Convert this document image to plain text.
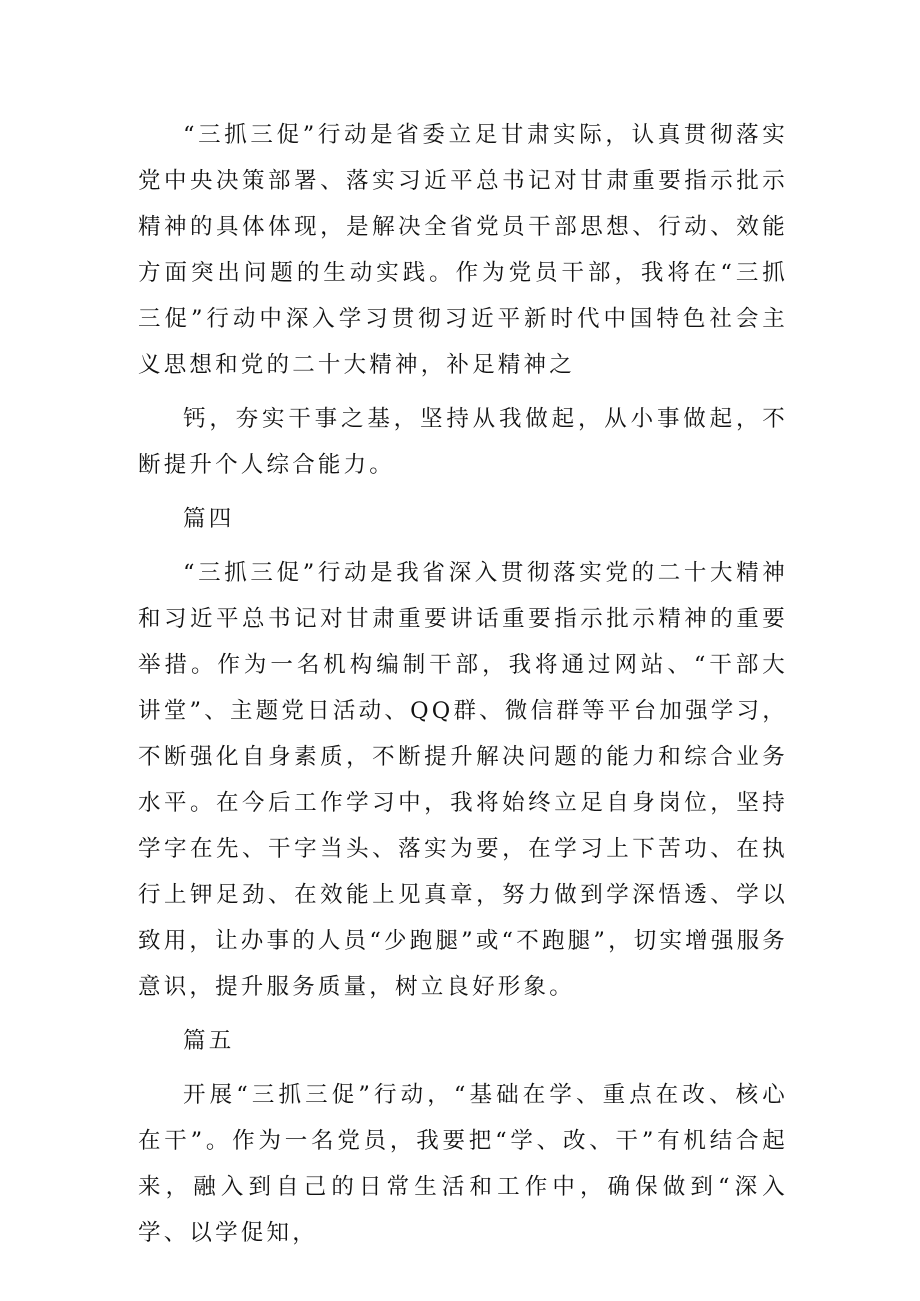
“三抓三促”行动是省委立足甘肃实际，认真贯彻落实党中央决策部署、落实习近平总书记对甘肃重要指示批示精神的具体体现，是解决全省党员干部思想、行动、效能方面突出问题的生动实践。作为党员干部，我将在“三抓三促”行动中深入学习贯彻习近平新时代中国特色社会主义思想和党的二十大精神，补足精神之

钙，夯实干事之基，坚持从我做起，从小事做起，不断提升个人综合能力。

篇四

“三抓三促”行动是我省深入贯彻落实党的二十大精神和习近平总书记对甘肃重要讲话重要指示批示精神的重要举措。作为一名机构编制干部，我将通过网站、“干部大讲堂”、主题党日活动、QQ群、微信群等平台加强学习，不断强化自身素质，不断提升解决问题的能力和综合业务水平。在今后工作学习中，我将始终立足自身岗位，坚持学字在先、干字当头、落实为要，在学习上下苦功、在执行上钾足劲、在效能上见真章，努力做到学深悟透、学以致用，让办事的人员“少跑腿”或“不跑腿”，切实增强服务意识，提升服务质量，树立良好形象。

篇五

开展“三抓三促”行动，“基础在学、重点在改、核心在干”。作为一名党员，我要把“学、改、干”有机结合起来，融入到自己的日常生活和工作中，确保做到“深入学、以学促知，
